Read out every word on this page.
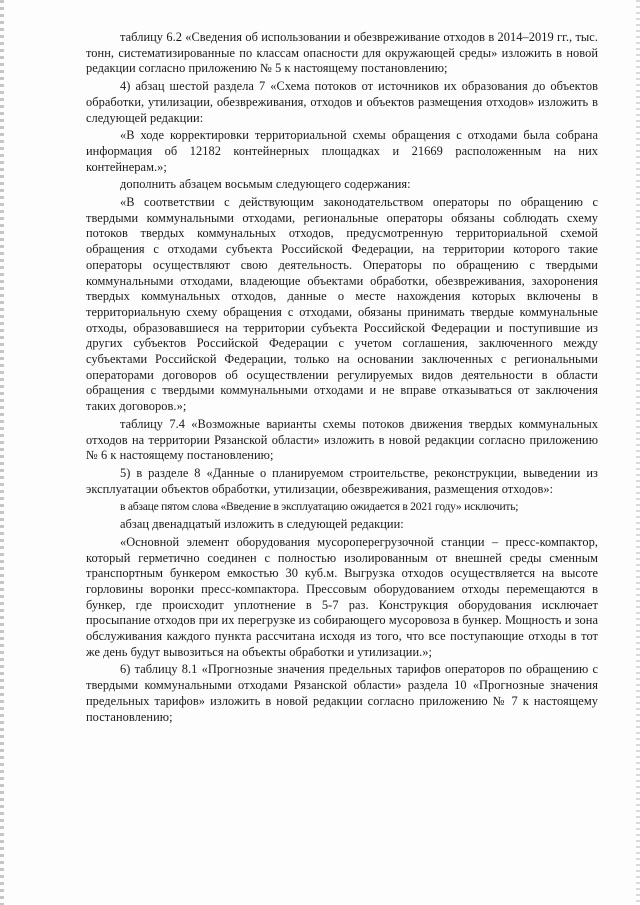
таблицу 6.2 «Сведения об использовании и обезвреживание отходов в 2014–2019 гг., тыс. тонн, систематизированные по классам опасности для окружающей среды» изложить в новой редакции согласно приложению № 5 к настоящему постановлению;

4) абзац шестой раздела 7 «Схема потоков от источников их образования до объектов обработки, утилизации, обезвреживания, отходов и объектов размещения отходов» изложить в следующей редакции:

«В ходе корректировки территориальной схемы обращения с отходами была собрана информация об 12182 контейнерных площадках и 21669 расположенным на них контейнерам.»;

дополнить абзацем восьмым следующего содержания:

«В соответствии с действующим законодательством операторы по обращению с твердыми коммунальными отходами, региональные операторы обязаны соблюдать схему потоков твердых коммунальных отходов, предусмотренную территориальной схемой обращения с отходами субъекта Российской Федерации, на территории которого такие операторы осуществляют свою деятельность. Операторы по обращению с твердыми коммунальными отходами, владеющие объектами обработки, обезвреживания, захоронения твердых коммунальных отходов, данные о месте нахождения которых включены в территориальную схему обращения с отходами, обязаны принимать твердые коммунальные отходы, образовавшиеся на территории субъекта Российской Федерации и поступившие из других субъектов Российской Федерации с учетом соглашения, заключенного между субъектами Российской Федерации, только на основании заключенных с региональными операторами договоров об осуществлении регулируемых видов деятельности в области обращения с твердыми коммунальными отходами и не вправе отказываться от заключения таких договоров.»;

таблицу 7.4 «Возможные варианты схемы потоков движения твердых коммунальных отходов на территории Рязанской области» изложить в новой редакции согласно приложению № 6 к настоящему постановлению;

5) в разделе 8 «Данные о планируемом строительстве, реконструкции, выведении из эксплуатации объектов обработки, утилизации, обезвреживания, размещения отходов»:

в абзаце пятом слова «Введение в эксплуатацию ожидается в 2021 году» исключить;

абзац двенадцатый изложить в следующей редакции:

«Основной элемент оборудования мусороперегрузочной станции – пресс-компактор, который герметично соединен с полностью изолированным от внешней среды сменным транспортным бункером емкостью 30 куб.м. Выгрузка отходов осуществляется на высоте горловины воронки пресс-компактора. Прессовым оборудованием отходы перемещаются в бункер, где происходит уплотнение в 5-7 раз. Конструкция оборудования исключает просыпание отходов при их перегрузке из собирающего мусоровоза в бункер. Мощность и зона обслуживания каждого пункта рассчитана исходя из того, что все поступающие отходы в тот же день будут вывозиться на объекты обработки и утилизации.»;

6) таблицу 8.1 «Прогнозные значения предельных тарифов операторов по обращению с твердыми коммунальными отходами Рязанской области» раздела 10 «Прогнозные значения предельных тарифов» изложить в новой редакции согласно приложению № 7 к настоящему постановлению;
